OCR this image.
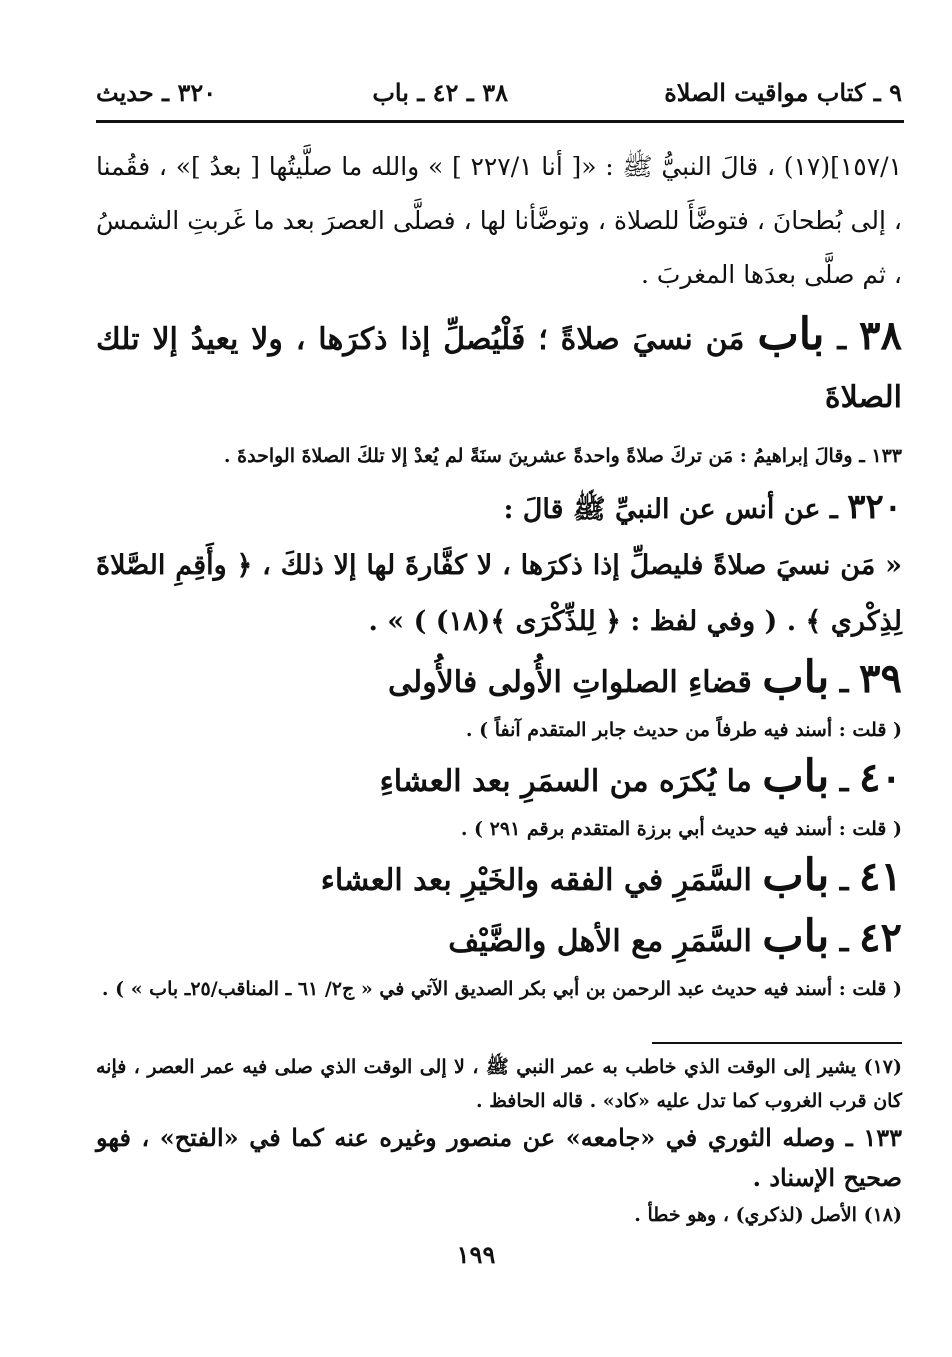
٩ ـ كتاب مواقيت الصلاة
٣٨ ـ ٤٢ ـ باب
٣٢٠ ـ حديث

١٥٧/١](١٧) ، قالَ النبيُّ ﷺ : «[ أنا ٢٢٧/١ ] » والله ما صلَّيتُها [ بعدُ ]» ، فقُمنا ، إلى بُطحانَ ، فتوضَّأَ للصلاة ، وتوضَّأنا لها ، فصلَّى العصرَ بعد ما غَربتِ الشمسُ ، ثم صلَّى بعدَها المغربَ .

٣٨ ـ باب مَن نسيَ صلاةً ؛ فَلْيُصلِّ إذا ذكرَها ، ولا يعيدُ إلا تلك الصلاةَ

١٣٣ ـ وقالَ إبراهيمُ : مَن تركَ صلاةً واحدةً عشرينَ سنَةً لم يُعدْ إلا تلكَ الصلاةَ الواحدةَ .

٣٢٠ ـ عن أنس عن النبيِّ ﷺ قالَ :

« مَن نسيَ صلاةً فليصلِّ إذا ذكرَها ، لا كفَّارةَ لها إلا ذلكَ ، ﴿ وأَقِمِ الصَّلاةَ لِذِكْري ﴾ . ( وفي لفظ : ﴿ لِلذِّكْرَى ﴾(١٨) ) » .

٣٩ ـ باب قضاءِ الصلواتِ الأُولى فالأُولى

( قلت : أسند فيه طرفاً من حديث جابر المتقدم آنفاً ) .

٤٠ ـ باب ما يُكرَه من السمَرِ بعد العشاءِ

( قلت : أسند فيه حديث أبي برزة المتقدم برقم ٢٩١ ) .

٤١ ـ باب السَّمَرِ في الفقه والخَيْرِ بعد العشاء

٤٢ ـ باب السَّمَرِ مع الأهل والضَّيْف

( قلت : أسند فيه حديث عبد الرحمن بن أبي بكر الصديق الآتي في « ج٢/ ٦١ ـ المناقب/٢٥ـ باب » ) .

(١٧) يشير إلى الوقت الذي خاطب به عمر النبي ﷺ ، لا إلى الوقت الذي صلى فيه عمر العصر ، فإنه كان قرب الغروب كما تدل عليه «كاد» . قاله الحافظ .

١٣٣ ـ وصله الثوري في «جامعه» عن منصور وغيره عنه كما في «الفتح» ، فهو صحيح الإسناد .

(١٨) الأصل (لذكري) ، وهو خطأ .

١٩٩
